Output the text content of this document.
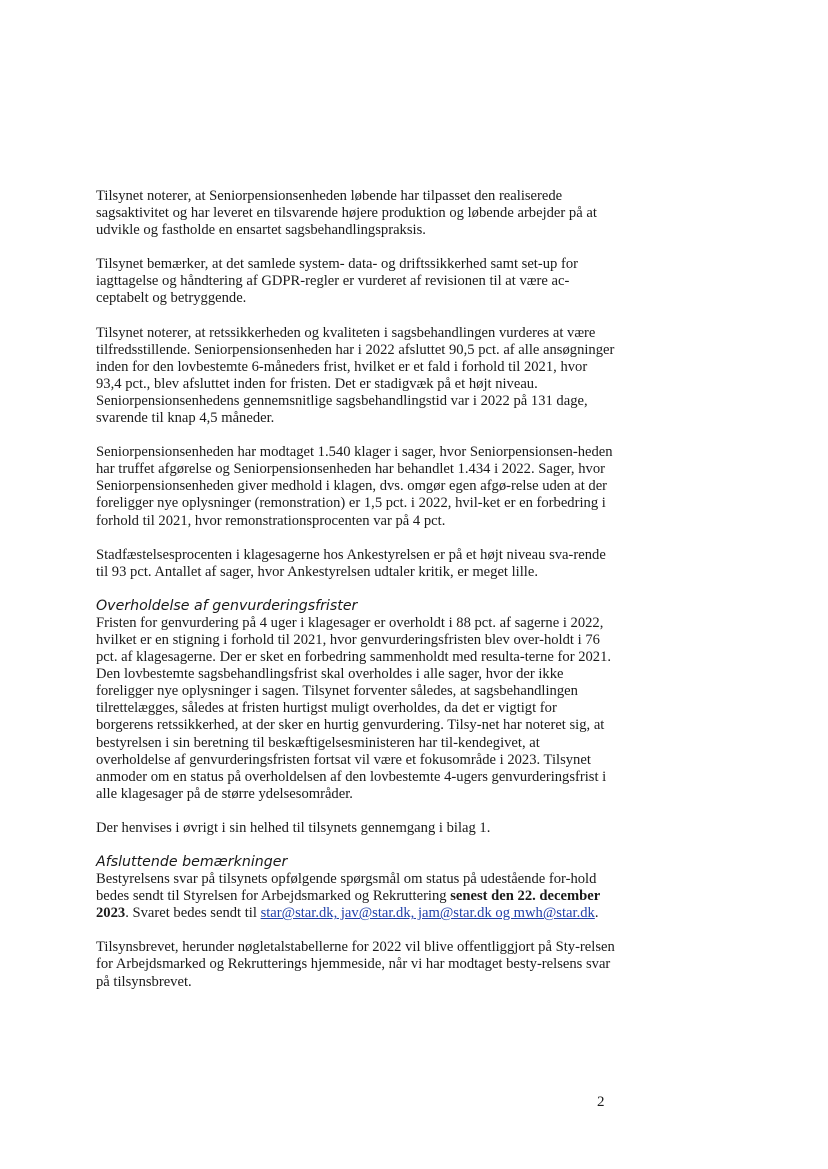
Tilsynet noterer, at Seniorpensionsenheden løbende har tilpasset den realiserede sagsaktivitet og har leveret en tilsvarende højere produktion og løbende arbejder på at udvikle og fastholde en ensartet sagsbehandlingspraksis.

Tilsynet bemærker, at det samlede system- data- og driftssikkerhed samt set-up for iagttagelse og håndtering af GDPR-regler er vurderet af revisionen til at være ac-ceptabelt og betryggende.

Tilsynet noterer, at retssikkerheden og kvaliteten i sagsbehandlingen vurderes at være tilfredsstillende. Seniorpensionsenheden har i 2022 afsluttet 90,5 pct. af alle ansøgninger inden for den lovbestemte 6-måneders frist, hvilket er et fald i forhold til 2021, hvor 93,4 pct., blev afsluttet inden for fristen. Det er stadigvæk på et højt niveau. Seniorpensionsenhedens gennemsnitlige sagsbehandlingstid var i 2022 på 131 dage, svarende til knap 4,5 måneder.

Seniorpensionsenheden har modtaget 1.540 klager i sager, hvor Seniorpensionsen-heden har truffet afgørelse og Seniorpensionsenheden har behandlet 1.434 i 2022. Sager, hvor Seniorpensionsenheden giver medhold i klagen, dvs. omgør egen afgø-relse uden at der foreligger nye oplysninger (remonstration) er 1,5 pct. i 2022, hvil-ket er en forbedring i forhold til 2021, hvor remonstrationsprocenten var på 4 pct.

Stadfæstelsesprocenten i klagesagerne hos Ankestyrelsen er på et højt niveau sva-rende til 93 pct. Antallet af sager, hvor Ankestyrelsen udtaler kritik, er meget lille.

Overholdelse af genvurderingsfrister

Fristen for genvurdering på 4 uger i klagesager er overholdt i 88 pct. af sagerne i 2022, hvilket er en stigning i forhold til 2021, hvor genvurderingsfristen blev over-holdt i 76 pct. af klagesagerne. Der er sket en forbedring sammenholdt med resulta-terne for 2021. Den lovbestemte sagsbehandlingsfrist skal overholdes i alle sager, hvor der ikke foreligger nye oplysninger i sagen. Tilsynet forventer således, at sagsbehandlingen tilrettelægges, således at fristen hurtigst muligt overholdes, da det er vigtigt for borgerens retssikkerhed, at der sker en hurtig genvurdering. Tilsy-net har noteret sig, at bestyrelsen i sin beretning til beskæftigelsesministeren har til-kendegivet, at overholdelse af genvurderingsfristen fortsat vil være et fokusområde i 2023. Tilsynet anmoder om en status på overholdelsen af den lovbestemte 4-ugers genvurderingsfrist i alle klagesager på de større ydelsesområder.

Der henvises i øvrigt i sin helhed til tilsynets gennemgang i bilag 1.

Afsluttende bemærkninger

Bestyrelsens svar på tilsynets opfølgende spørgsmål om status på udestående for-hold bedes sendt til Styrelsen for Arbejdsmarked og Rekruttering senest den 22. december 2023. Svaret bedes sendt til star@star.dk, jav@star.dk, jam@star.dk og mwh@star.dk.

Tilsynsbrevet, herunder nøgletalstabellerne for 2022 vil blive offentliggjort på Sty-relsen for Arbejdsmarked og Rekrutterings hjemmeside, når vi har modtaget besty-relsens svar på tilsynsbrevet.

2
